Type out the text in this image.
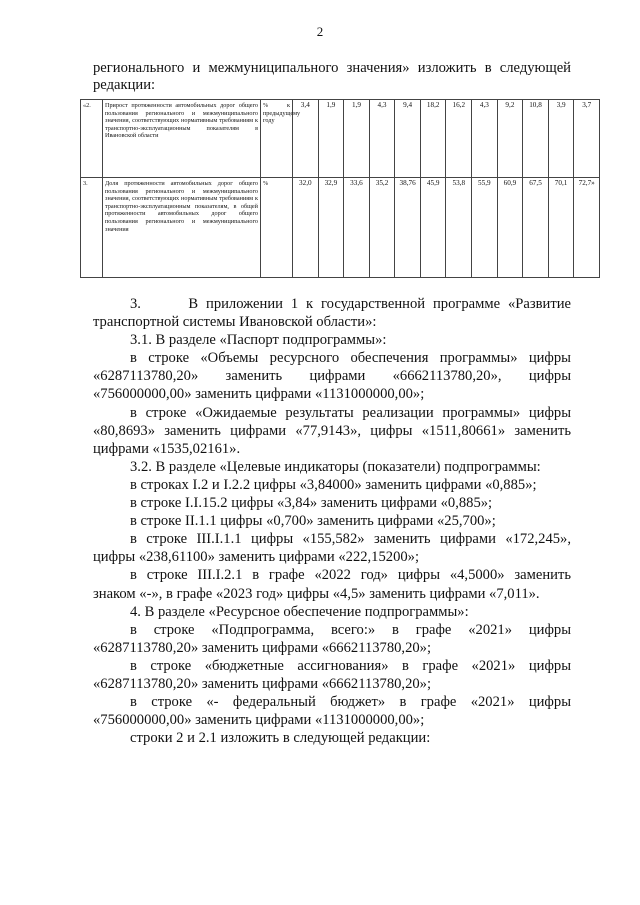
2
регионального и межмуниципального значения» изложить в следующей
редакции:
«2.	Прирост протяженности автомобильных дорог общего пользования регионального и межмуниципального значения, соответствующих нормативным требованиям к транспортно-эксплуатационным показателям в Ивановской области	% к предыдущему году	3,4	1,9	1,9	4,3	9,4	18,2	16,2	4,3	9,2	10,8	3,9	3,7
3.	Доля протяженности автомобильных дорог общего пользования регионального и межмуниципального значения, соответствующих нормативным требованиям к транспортно-эксплуатационным показателям, в общей протяженности автомобильных дорог общего пользования регионального и межмуниципального значения	%	32,0	32,9	33,6	35,2	38,76	45,9	53,8	55,9	60,9	67,5	70,1	72,7»

3.      В приложении 1 к государственной программе «Развитие

транспортной системы Ивановской области»:

3.1. В разделе «Паспорт подпрограммы»:

в строке «Объемы ресурсного обеспечения программы» цифры

«6287113780,20» заменить цифрами «6662113780,20», цифры

«756000000,00» заменить цифрами «1131000000,00»;

в строке «Ожидаемые результаты реализации программы» цифры

«80,8693» заменить цифрами «77,9143», цифры «1511,80661» заменить

цифрами «1535,02161».

3.2. В разделе «Целевые индикаторы (показатели) подпрограммы:

в строках I.2 и I.2.2 цифры «3,84000» заменить цифрами «0,885»;

в строке I.I.15.2 цифры «3,84» заменить цифрами «0,885»;

в строке II.1.1 цифры «0,700» заменить цифрами «25,700»;

в строке III.I.1.1 цифры «155,582» заменить цифрами «172,245»,

цифры «238,61100» заменить цифрами «222,15200»;

в строке III.I.2.1 в графе «2022 год» цифры «4,5000» заменить

знаком «-», в графе «2023 год» цифры «4,5» заменить цифрами «7,011».

4. В разделе «Ресурсное обеспечение подпрограммы»:

в строке «Подпрограмма, всего:» в графе «2021» цифры

«6287113780,20» заменить цифрами «6662113780,20»;

в строке «бюджетные ассигнования» в графе «2021» цифры

«6287113780,20» заменить цифрами «6662113780,20»;

в строке «- федеральный бюджет» в графе «2021» цифры

«756000000,00» заменить цифрами «1131000000,00»;

строки 2 и 2.1 изложить в следующей редакции:
